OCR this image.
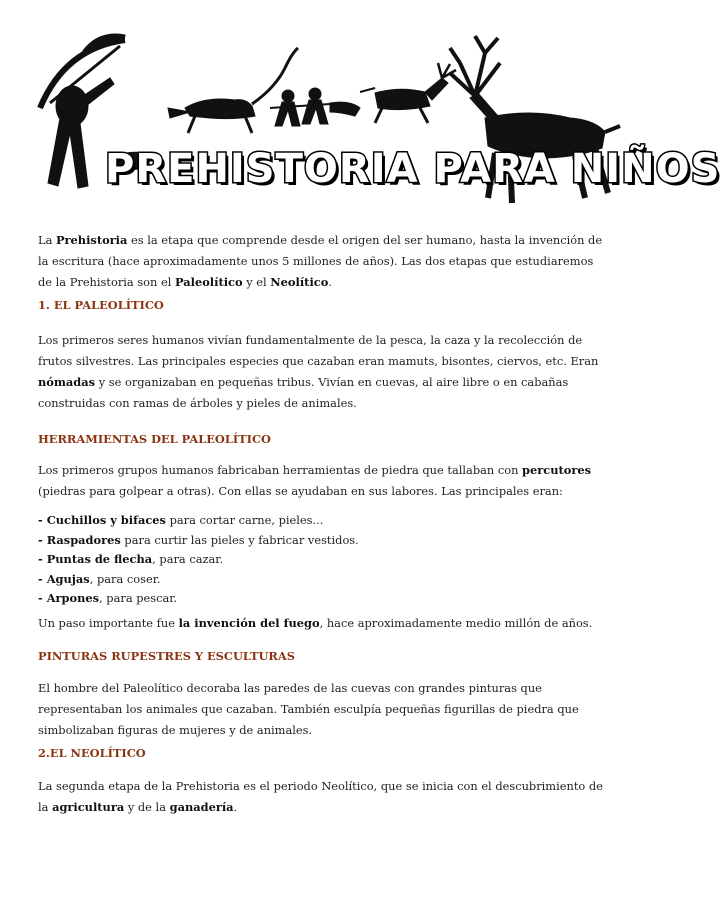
PREHISTORIA PARA NIÑOS

La Prehistoria es la etapa que comprende desde el origen del ser humano, hasta la invención de la escritura (hace aproximadamente unos 5 millones de años). Las dos etapas que estudiaremos de la Prehistoria son el Paleolítico y el Neolítico.

1. EL PALEOLÍTICO

Los primeros seres humanos vivían fundamentalmente de la pesca, la caza y la recolección de frutos silvestres. Las principales especies que cazaban eran mamuts, bisontes, ciervos, etc. Eran nómadas y se organizaban en pequeñas tribus. Vivían en cuevas, al aire libre o en cabañas construidas con ramas de árboles y pieles de animales.

HERRAMIENTAS DEL PALEOLÍTICO

Los primeros grupos humanos fabricaban herramientas de piedra que tallaban con percutores (piedras para golpear a otras). Con ellas se ayudaban en sus labores. Las principales eran:

- Cuchillos y bifaces para cortar carne, pieles...

- Raspadores para curtir las pieles y fabricar vestidos.

- Puntas de flecha, para cazar.

- Agujas, para coser.

- Arpones, para pescar.

Un paso importante fue la invención del fuego, hace aproximadamente medio millón de años.

PINTURAS RUPESTRES Y ESCULTURAS

El hombre del Paleolítico decoraba las paredes de las cuevas con grandes pinturas que representaban los animales que cazaban. También esculpía pequeñas figurillas de piedra que simbolizaban figuras de mujeres y de animales.

2.EL NEOLÍTICO

La segunda etapa de la Prehistoria es el periodo Neolítico, que se inicia con el descubrimiento de la agricultura y de la ganadería.
